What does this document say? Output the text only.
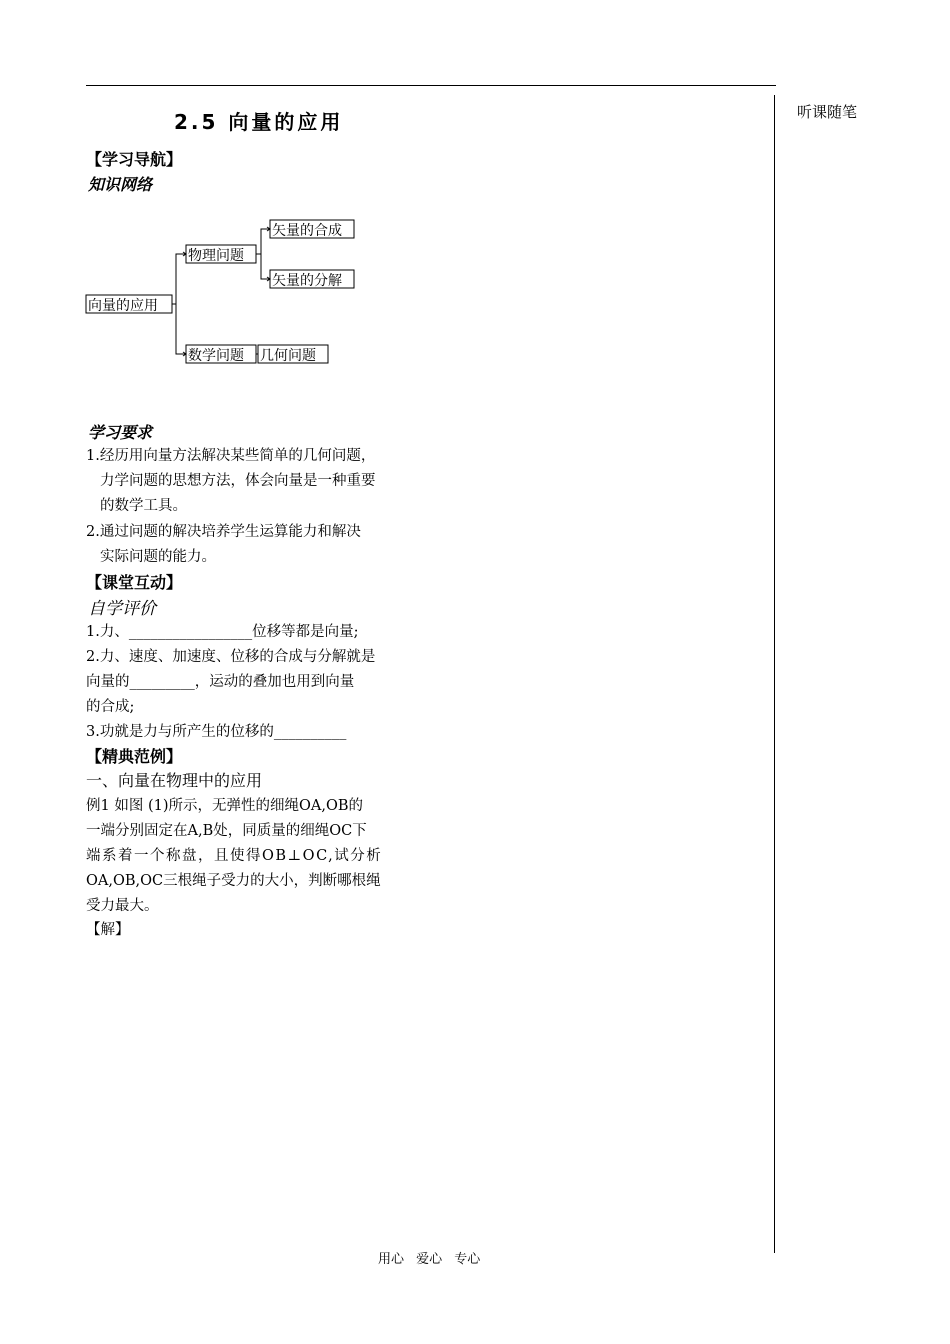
听课随笔
2.5 向量的应用
【学习导航】
知识网络
向量的应用
物理问题
矢量的合成
矢量的分解
数学问题 几何问题
学习要求
1.经历用向量方法解决某些简单的几何问题，
力学问题的思想方法，体会向量是一种重要
的数学工具。
2.通过问题的解决培养学生运算能力和解决
实际问题的能力。
【课堂互动】
自学评价
1.力、_________________位移等都是向量;
2.力、速度、加速度、位移的合成与分解就是
向量的_________，运动的叠加也用到向量
的合成;
3.功就是力与所产生的位移的__________
【精典范例】
一、向量在物理中的应用
例1 如图 (1)所示，无弹性的细绳OA,OB的
一端分别固定在A,B处，同质量的细绳OC下
端系着一个称盘，且使得OB⊥OC,试分析
OA,OB,OC三根绳子受力的大小，判断哪根绳
受力最大。
【解】
用心 爱心 专心
